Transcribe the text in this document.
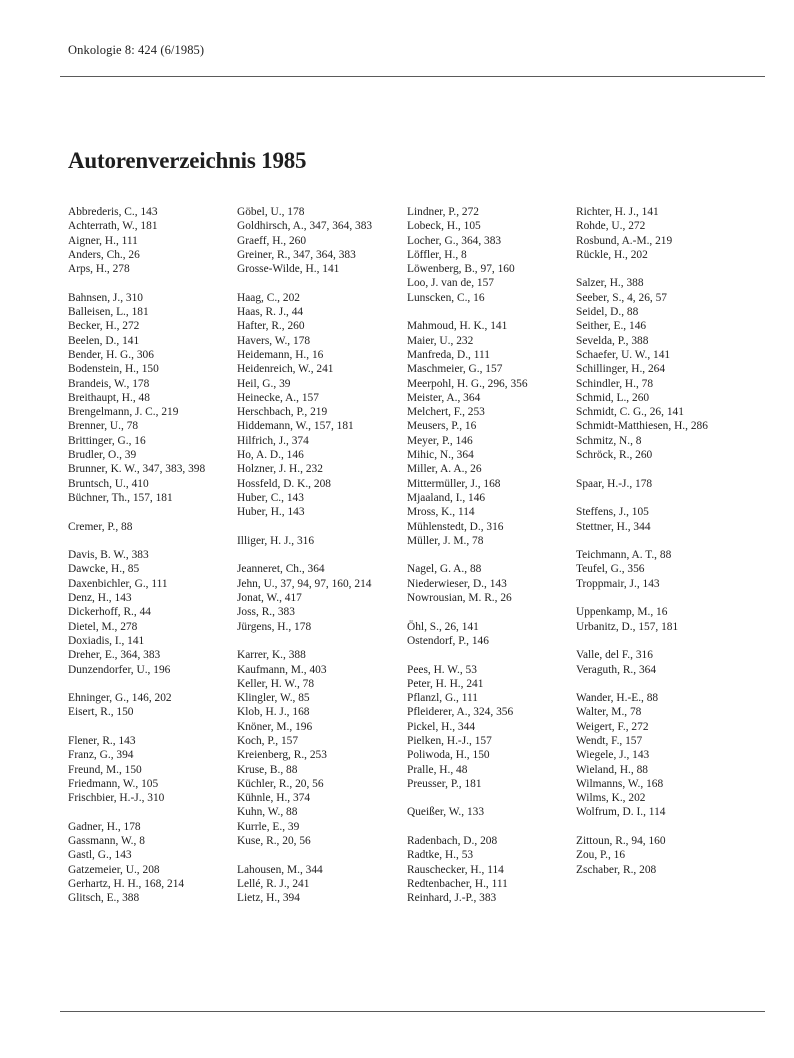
Onkologie 8: 424 (6/1985)
Autorenverzeichnis 1985
Abbrederis, C., 143
Achterrath, W., 181
Aigner, H., 111
Anders, Ch., 26
Arps, H., 278
Bahnsen, J., 310
Balleisen, L., 181
Becker, H., 272
Beelen, D., 141
Bender, H. G., 306
Bodenstein, H., 150
Brandeis, W., 178
Breithaupt, H., 48
Brengelmann, J. C., 219
Brenner, U., 78
Brittinger, G., 16
Brudler, O., 39
Brunner, K. W., 347, 383, 398
Bruntsch, U., 410
Büchner, Th., 157, 181
Cremer, P., 88
Davis, B. W., 383
Dawcke, H., 85
Daxenbichler, G., 111
Denz, H., 143
Dickerhoff, R., 44
Dietel, M., 278
Doxiadis, I., 141
Dreher, E., 364, 383
Dunzendorfer, U., 196
Ehninger, G., 146, 202
Eisert, R., 150
Flener, R., 143
Franz, G., 394
Freund, M., 150
Friedmann, W., 105
Frischbier, H.-J., 310
Gadner, H., 178
Gassmann, W., 8
Gastl, G., 143
Gatzemeier, U., 208
Gerhartz, H. H., 168, 214
Glitsch, E., 388
Göbel, U., 178
Goldhirsch, A., 347, 364, 383
Graeff, H., 260
Greiner, R., 347, 364, 383
Grosse-Wilde, H., 141
Haag, C., 202
Haas, R. J., 44
Hafter, R., 260
Havers, W., 178
Heidemann, H., 16
Heidenreich, W., 241
Heil, G., 39
Heinecke, A., 157
Herschbach, P., 219
Hiddemann, W., 157, 181
Hilfrich, J., 374
Ho, A. D., 146
Holzner, J. H., 232
Hossfeld, D. K., 208
Huber, C., 143
Huber, H., 143
Illiger, H. J., 316
Jeanneret, Ch., 364
Jehn, U., 37, 94, 97, 160, 214
Jonat, W., 417
Joss, R., 383
Jürgens, H., 178
Karrer, K., 388
Kaufmann, M., 403
Keller, H. W., 78
Klingler, W., 85
Klob, H. J., 168
Knöner, M., 196
Koch, P., 157
Kreienberg, R., 253
Kruse, B., 88
Küchler, R., 20, 56
Kühnle, H., 374
Kuhn, W., 88
Kurrle, E., 39
Kuse, R., 20, 56
Lahousen, M., 344
Lellé, R. J., 241
Lietz, H., 394
Lindner, P., 272
Lobeck, H., 105
Locher, G., 364, 383
Löffler, H., 8
Löwenberg, B., 97, 160
Loo, J. van de, 157
Lunscken, C., 16
Mahmoud, H. K., 141
Maier, U., 232
Manfreda, D., 111
Maschmeier, G., 157
Meerpohl, H. G., 296, 356
Meister, A., 364
Melchert, F., 253
Meusers, P., 16
Meyer, P., 146
Mihic, N., 364
Miller, A. A., 26
Mittermüller, J., 168
Mjaaland, I., 146
Mross, K., 114
Mühlenstedt, D., 316
Müller, J. M., 78
Nagel, G. A., 88
Niederwieser, D., 143
Nowrousian, M. R., 26
Öhl, S., 26, 141
Ostendorf, P., 146
Pees, H. W., 53
Peter, H. H., 241
Pflanzl, G., 111
Pfleiderer, A., 324, 356
Pickel, H., 344
Pielken, H.-J., 157
Poliwoda, H., 150
Pralle, H., 48
Preusser, P., 181
Queißer, W., 133
Radenbach, D., 208
Radtke, H., 53
Rauschecker, H., 114
Redtenbacher, H., 111
Reinhard, J.-P., 383
Richter, H. J., 141
Rohde, U., 272
Rosbund, A.-M., 219
Rückle, H., 202
Salzer, H., 388
Seeber, S., 4, 26, 57
Seidel, D., 88
Seither, E., 146
Sevelda, P., 388
Schaefer, U. W., 141
Schillinger, H., 264
Schindler, H., 78
Schmid, L., 260
Schmidt, C. G., 26, 141
Schmidt-Matthiesen, H., 286
Schmitz, N., 8
Schröck, R., 260
Spaar, H.-J., 178
Steffens, J., 105
Stettner, H., 344
Teichmann, A. T., 88
Teufel, G., 356
Troppmair, J., 143
Uppenkamp, M., 16
Urbanitz, D., 157, 181
Valle, del F., 316
Veraguth, R., 364
Wander, H.-E., 88
Walter, M., 78
Weigert, F., 272
Wendt, F., 157
Wiegele, J., 143
Wieland, H., 88
Wilmanns, W., 168
Wilms, K., 202
Wolfrum, D. I., 114
Zittoun, R., 94, 160
Zou, P., 16
Zschaber, R., 208
